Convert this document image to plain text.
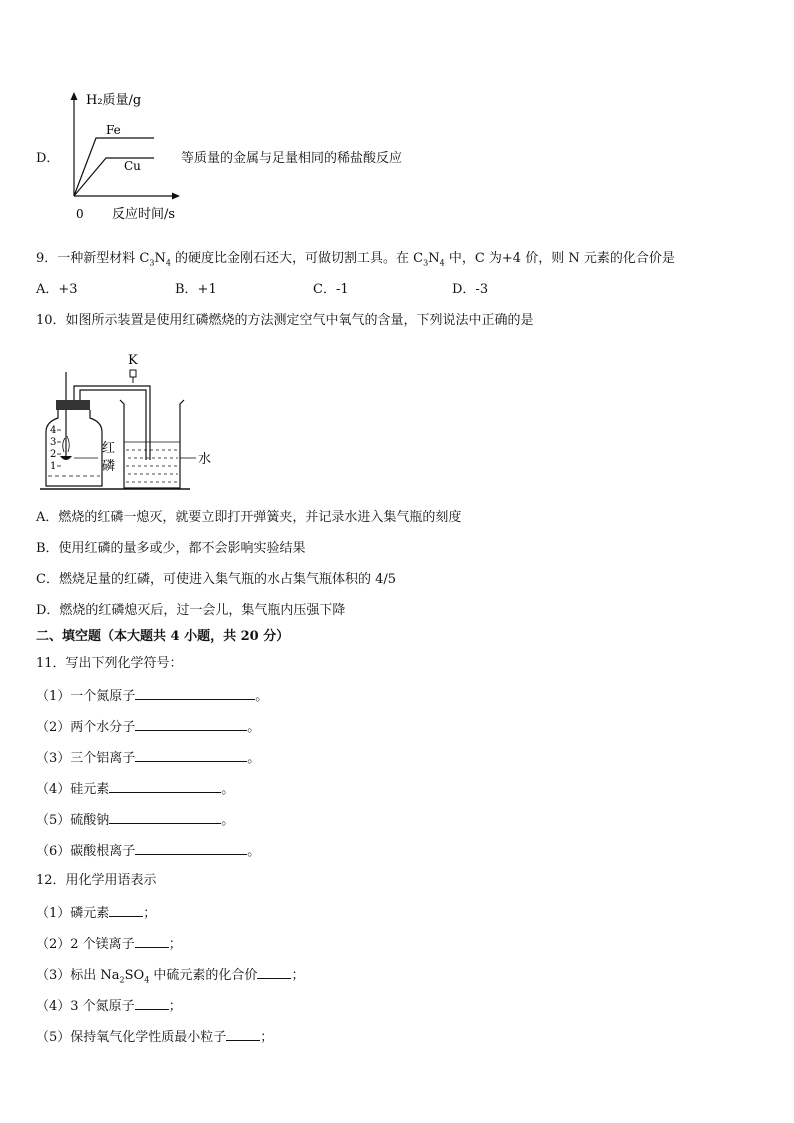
D．
H₂质量/g
Fe
Cu
0 反应时间/s
等质量的金属与足量相同的稀盐酸反应
9．一种新型材料 $C_3N_4$ 的硬度比金刚石还大，可做切割工具。在 $C_3N_4$ 中，C 为+4 价，则 N 元素的化合价是
A．+3	B．+1	C．-1	D．-3
10．如图所示装置是使用红磷燃烧的方法测定空气中氧气的含量，下列说法中正确的是
K
4
3
2
1
红
磷	水
A．燃烧的红磷一熄灭，就要立即打开弹簧夹，并记录水进入集气瓶的刻度
B．使用红磷的量多或少，都不会影响实验结果
C．燃烧足量的红磷，可使进入集气瓶的水占集气瓶体积的 4/5
D．燃烧的红磷熄灭后，过一会儿，集气瓶内压强下降
二、填空题（本大题共 4 小题，共 20 分）
11．写出下列化学符号：
（1）一个氮原子	。
（2）两个水分子	。
（3）三个铝离子	。
（4）硅元素	。
（5）硫酸钠	。
（6）碳酸根离子	。
12．用化学用语表示
（1）磷元素	；
（2）2 个镁离子	；
（3）标出 $Na_2SO_4$ 中硫元素的化合价	；
（4）3 个氮原子	；
（5）保持氧气化学性质最小粒子	；
